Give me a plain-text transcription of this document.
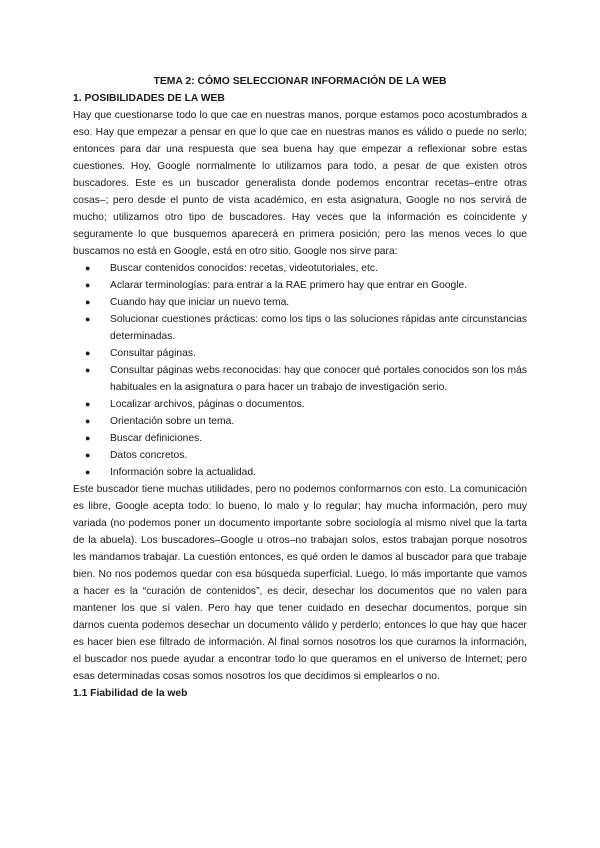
TEMA 2: CÓMO SELECCIONAR INFORMACIÓN DE LA WEB

1. POSIBILIDADES DE LA WEB

Hay que cuestionarse todo lo que cae en nuestras manos, porque estamos poco acostumbrados a eso. Hay que empezar a pensar en que lo que cae en nuestras manos es válido o puede no serlo; entonces para dar una respuesta que sea buena hay que empezar a reflexionar sobre estas cuestiones. Hoy, Google normalmente lo utilizamos para todo, a pesar de que existen otros buscadores. Este es un buscador generalista donde podemos encontrar recetas–entre otras cosas–; pero desde el punto de vista académico, en esta asignatura, Google no nos servirá de mucho; utilizamos otro tipo de buscadores. Hay veces que la información es coincidente y seguramente lo que busquemos aparecerá en primera posición; pero las menos veces lo que buscamos no está en Google, está en otro sitio. Google nos sirve para:

● Buscar contenidos conocidos: recetas, videotutoriales, etc.
● Aclarar terminologías: para entrar a la RAE primero hay que entrar en Google.
● Cuando hay que iniciar un nuevo tema.
● Solucionar cuestiones prácticas: como los tips o las soluciones rápidas ante circunstancias determinadas.
● Consultar páginas.
● Consultar páginas webs reconocidas: hay que conocer qué portales conocidos son los más habituales en la asignatura o para hacer un trabajo de investigación serio.
● Localizar archivos, páginas o documentos.
● Orientación sobre un tema.
● Buscar definiciones.
● Datos concretos.
● Información sobre la actualidad.

Este buscador tiene muchas utilidades, pero no podemos conformarnos con esto. La comunicación es libre, Google acepta todo: lo bueno, lo malo y lo regular; hay mucha información, pero muy variada (no podemos poner un documento importante sobre sociología al mismo nivel que la tarta de la abuela). Los buscadores–Google u otros–no trabajan solos, estos trabajan porque nosotros les mandamos trabajar. La cuestión entonces, es qué orden le damos al buscador para que trabaje bien. No nos podemos quedar con esa búsqueda superficial. Luego, lo más importante que vamos a hacer es la “curación de contenidos”, es decir, desechar los documentos que no valen para mantener los que sí valen. Pero hay que tener cuidado en desechar documentos, porque sin darnos cuenta podemos desechar un documento válido y perderlo; entonces lo que hay que hacer es hacer bien ese filtrado de información. Al final somos nosotros los que curamos la información, el buscador nos puede ayudar a encontrar todo lo que queramos en el universo de Internet; pero esas determinadas cosas somos nosotros los que decidimos si emplearlos o no.

1.1 Fiabilidad de la web
